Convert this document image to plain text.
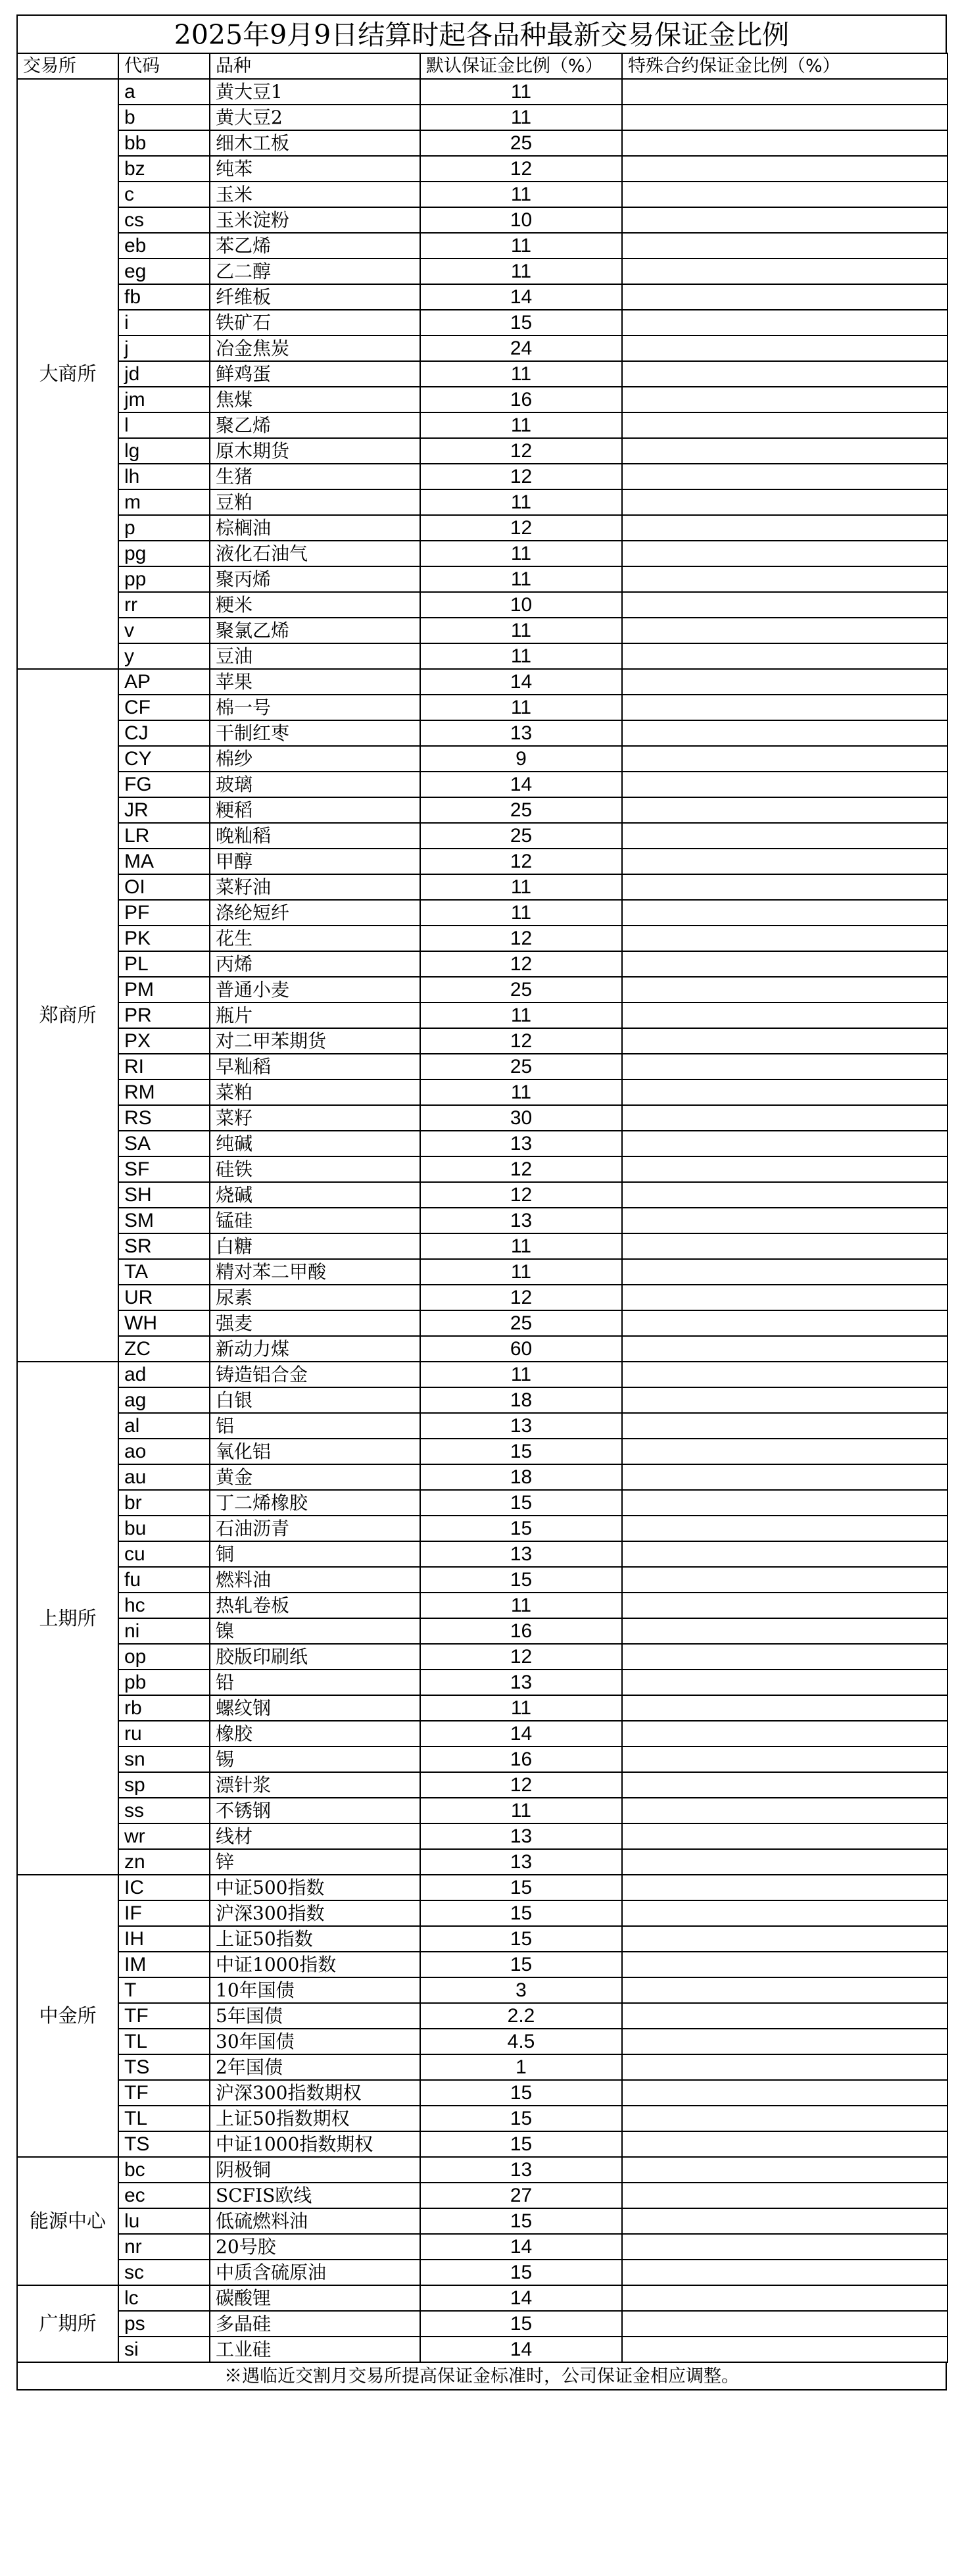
2025年9月9日结算时起各品种最新交易保证金比例
交易所	代码	品种	默认保证金比例（%）	特殊合约保证金比例（%）
大商所	a	黄大豆1	11	
	b	黄大豆2	11	
	bb	细木工板	25	
	bz	纯苯	12	
	c	玉米	11	
	cs	玉米淀粉	10	
	eb	苯乙烯	11	
	eg	乙二醇	11	
	fb	纤维板	14	
	i	铁矿石	15	
	j	冶金焦炭	24	
	jd	鲜鸡蛋	11	
	jm	焦煤	16	
	l	聚乙烯	11	
	lg	原木期货	12	
	lh	生猪	12	
	m	豆粕	11	
	p	棕榈油	12	
	pg	液化石油气	11	
	pp	聚丙烯	11	
	rr	粳米	10	
	v	聚氯乙烯	11	
	y	豆油	11	
郑商所	AP	苹果	14	
	CF	棉一号	11	
	CJ	干制红枣	13	
	CY	棉纱	9	
	FG	玻璃	14	
	JR	粳稻	25	
	LR	晚籼稻	25	
	MA	甲醇	12	
	OI	菜籽油	11	
	PF	涤纶短纤	11	
	PK	花生	12	
	PL	丙烯	12	
	PM	普通小麦	25	
	PR	瓶片	11	
	PX	对二甲苯期货	12	
	RI	早籼稻	25	
	RM	菜粕	11	
	RS	菜籽	30	
	SA	纯碱	13	
	SF	硅铁	12	
	SH	烧碱	12	
	SM	锰硅	13	
	SR	白糖	11	
	TA	精对苯二甲酸	11	
	UR	尿素	12	
	WH	强麦	25	
	ZC	新动力煤	60	
上期所	ad	铸造铝合金	11	
	ag	白银	18	
	al	铝	13	
	ao	氧化铝	15	
	au	黄金	18	
	br	丁二烯橡胶	15	
	bu	石油沥青	15	
	cu	铜	13	
	fu	燃料油	15	
	hc	热轧卷板	11	
	ni	镍	16	
	op	胶版印刷纸	12	
	pb	铅	13	
	rb	螺纹钢	11	
	ru	橡胶	14	
	sn	锡	16	
	sp	漂针浆	12	
	ss	不锈钢	11	
	wr	线材	13	
	zn	锌	13	
中金所	IC	中证500指数	15	
	IF	沪深300指数	15	
	IH	上证50指数	15	
	IM	中证1000指数	15	
	T	10年国债	3	
	TF	5年国债	2.2	
	TL	30年国债	4.5	
	TS	2年国债	1	
	TF	沪深300指数期权	15	
	TL	上证50指数期权	15	
	TS	中证1000指数期权	15	
能源中心	bc	阴极铜	13	
	ec	SCFIS欧线	27	
	lu	低硫燃料油	15	
	nr	20号胶	14	
	sc	中质含硫原油	15	
广期所	lc	碳酸锂	14	
	ps	多晶硅	15	
	si	工业硅	14	
※遇临近交割月交易所提高保证金标准时，公司保证金相应调整。
